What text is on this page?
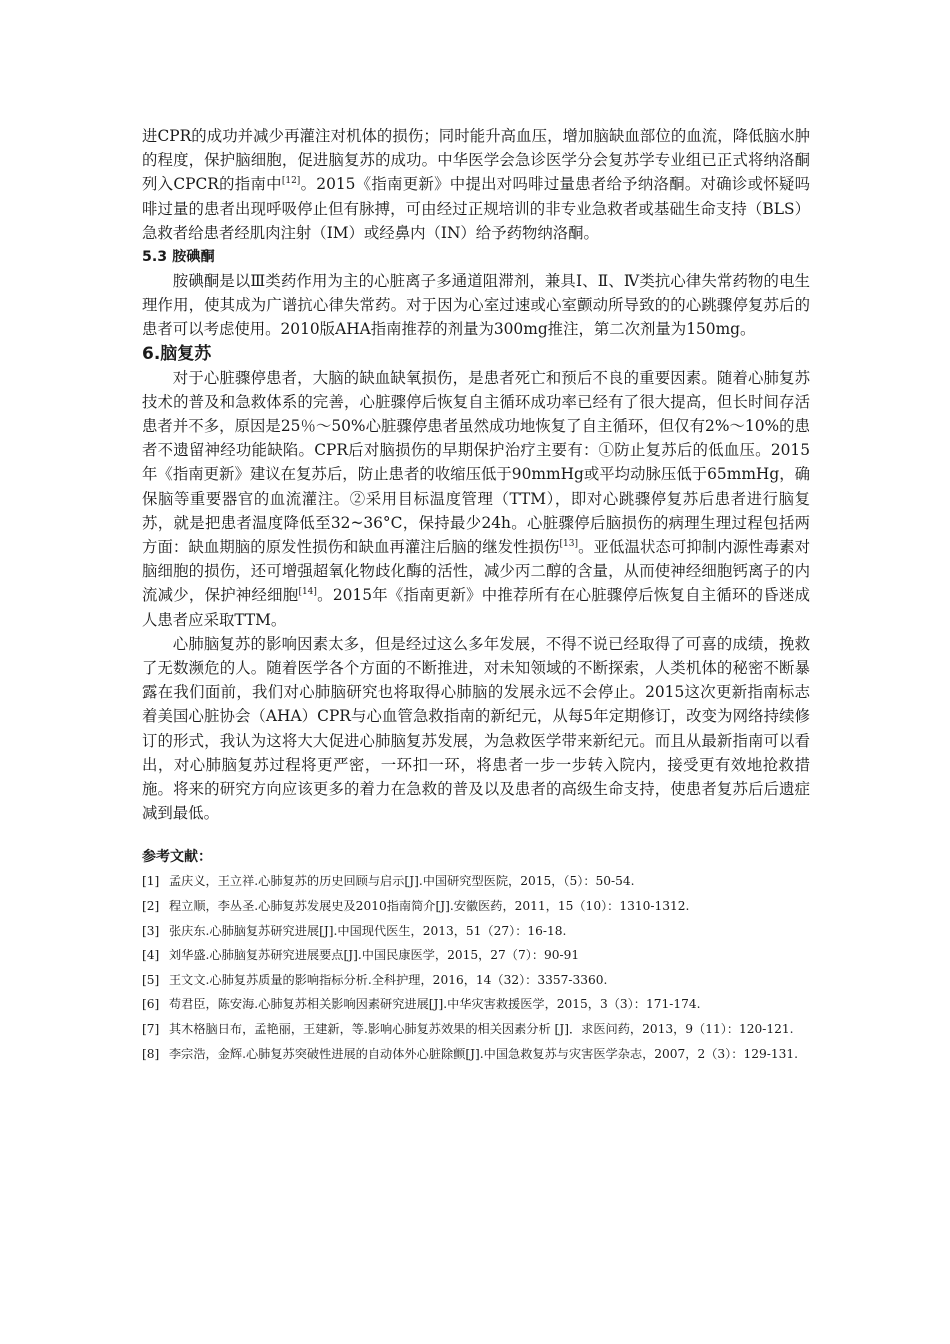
进CPR的成功并减少再灌注对机体的损伤；同时能升高血压，增加脑缺血部位的血流，降低脑水肿的程度，保护脑细胞，促进脑复苏的成功。中华医学会急诊医学分会复苏学专业组已正式将纳洛酮列入CPCR的指南中[12]。2015《指南更新》中提出对吗啡过量患者给予纳洛酮。对确诊或怀疑吗啡过量的患者出现呼吸停止但有脉搏，可由经过正规培训的非专业急救者或基础生命支持（BLS）急救者给患者经肌肉注射（IM）或经鼻内（IN）给予药物纳洛酮。

5.3 胺碘酮

胺碘酮是以Ⅲ类药作用为主的心脏离子多通道阻滞剂，兼具Ⅰ、Ⅱ、Ⅳ类抗心律失常药物的电生理作用，使其成为广谱抗心律失常药。对于因为心室过速或心室颤动所导致的的心跳骤停复苏后的患者可以考虑使用。2010版AHA指南推荐的剂量为300mg推注，第二次剂量为150mg。

6.脑复苏

对于心脏骤停患者，大脑的缺血缺氧损伤，是患者死亡和预后不良的重要因素。随着心肺复苏技术的普及和急救体系的完善，心脏骤停后恢复自主循环成功率已经有了很大提高，但长时间存活患者并不多，原因是25％～50%心脏骤停患者虽然成功地恢复了自主循环，但仅有2%～10%的患者不遗留神经功能缺陷。CPR后对脑损伤的早期保护治疗主要有：①防止复苏后的低血压。2015年《指南更新》建议在复苏后，防止患者的收缩压低于90mmHg或平均动脉压低于65mmHg，确保脑等重要器官的血流灌注。②采用目标温度管理（TTM），即对心跳骤停复苏后患者进行脑复苏，就是把患者温度降低至32~36°C，保持最少24h。心脏骤停后脑损伤的病理生理过程包括两方面：缺血期脑的原发性损伤和缺血再灌注后脑的继发性损伤[13]。亚低温状态可抑制内源性毒素对脑细胞的损伤，还可增强超氧化物歧化酶的活性，减少丙二醇的含量，从而使神经细胞钙离子的内流减少，保护神经细胞[14]。2015年《指南更新》中推荐所有在心脏骤停后恢复自主循环的昏迷成人患者应采取TTM。

心肺脑复苏的影响因素太多，但是经过这么多年发展，不得不说已经取得了可喜的成绩，挽救了无数濒危的人。随着医学各个方面的不断推进，对未知领域的不断探索，人类机体的秘密不断暴露在我们面前，我们对心肺脑研究也将取得心肺脑的发展永远不会停止。2015这次更新指南标志着美国心脏协会（AHA）CPR与心血管急救指南的新纪元，从每5年定期修订，改变为网络持续修订的形式，我认为这将大大促进心肺脑复苏发展，为急救医学带来新纪元。而且从最新指南可以看出，对心肺脑复苏过程将更严密，一环扣一环，将患者一步一步转入院内，接受更有效地抢救措施。将来的研究方向应该更多的着力在急救的普及以及患者的高级生命支持，使患者复苏后后遗症减到最低。

参考文献：
[1] 孟庆义，王立祥.心肺复苏的历史回顾与启示[J].中国研究型医院，2015，（5）：50-54.
[2] 程立顺，李丛圣.心肺复苏发展史及2010指南简介[J].安徽医药，2011，15（10）：1310-1312.
[3] 张庆东.心肺脑复苏研究进展[J].中国现代医生，2013，51（27）：16-18.
[4] 刘华盛.心肺脑复苏研究进展要点[J].中国民康医学，2015，27（7）：90-91
[5] 王文文.心肺复苏质量的影响指标分析.全科护理，2016，14（32）：3357-3360.
[6] 苟君臣，陈安海.心肺复苏相关影响因素研究进展[J].中华灾害救援医学，2015，3（3）：171-174.
[7] 其木格脑日布，孟艳丽，王建新，等.影响心肺复苏效果的相关因素分析 [J]．求医问药，2013，9（11）：120-121.
[8] 李宗浩，金辉.心肺复苏突破性进展的自动体外心脏除颤[J].中国急救复苏与灾害医学杂志，2007，2（3）：129-131.
